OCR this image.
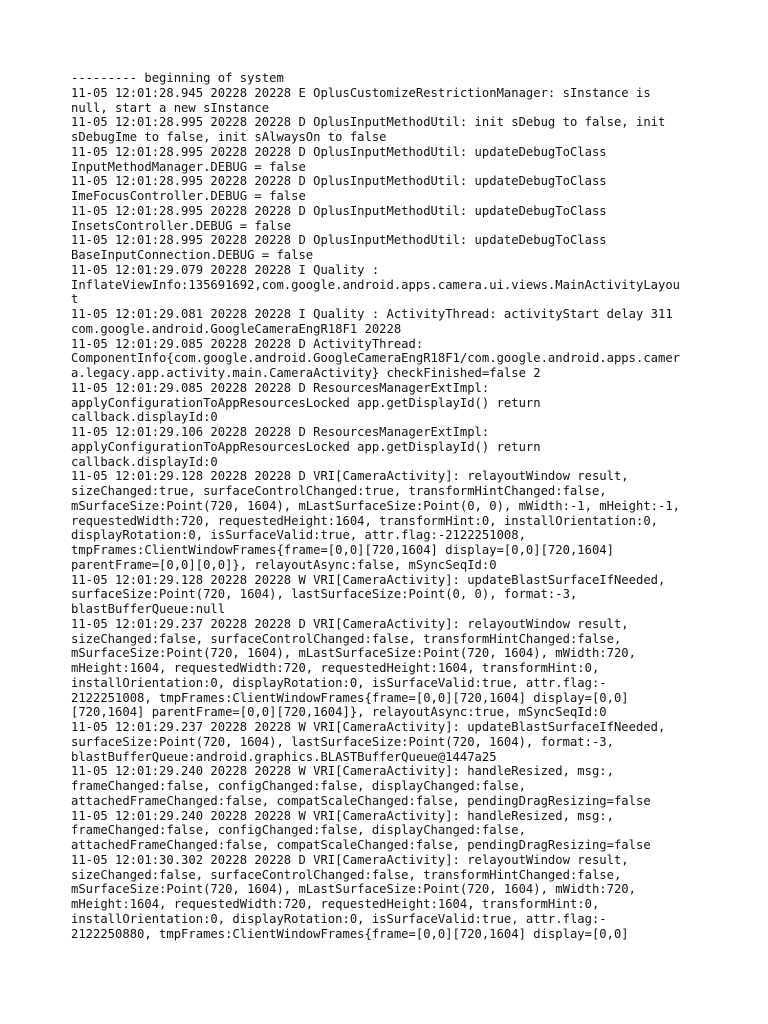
--------- beginning of system
11-05 12:01:28.945 20228 20228 E OplusCustomizeRestrictionManager: sInstance is
null, start a new sInstance
11-05 12:01:28.995 20228 20228 D OplusInputMethodUtil: init sDebug to false, init
sDebugIme to false, init sAlwaysOn to false
11-05 12:01:28.995 20228 20228 D OplusInputMethodUtil: updateDebugToClass
InputMethodManager.DEBUG = false
11-05 12:01:28.995 20228 20228 D OplusInputMethodUtil: updateDebugToClass
ImeFocusController.DEBUG = false
11-05 12:01:28.995 20228 20228 D OplusInputMethodUtil: updateDebugToClass
InsetsController.DEBUG = false
11-05 12:01:28.995 20228 20228 D OplusInputMethodUtil: updateDebugToClass
BaseInputConnection.DEBUG = false
11-05 12:01:29.079 20228 20228 I Quality :
InflateViewInfo:135691692,com.google.android.apps.camera.ui.views.MainActivityLayou
t
11-05 12:01:29.081 20228 20228 I Quality : ActivityThread: activityStart delay 311
com.google.android.GoogleCameraEngR18F1 20228
11-05 12:01:29.085 20228 20228 D ActivityThread:
ComponentInfo{com.google.android.GoogleCameraEngR18F1/com.google.android.apps.camer
a.legacy.app.activity.main.CameraActivity} checkFinished=false 2
11-05 12:01:29.085 20228 20228 D ResourcesManagerExtImpl:
applyConfigurationToAppResourcesLocked app.getDisplayId() return
callback.displayId:0
11-05 12:01:29.106 20228 20228 D ResourcesManagerExtImpl:
applyConfigurationToAppResourcesLocked app.getDisplayId() return
callback.displayId:0
11-05 12:01:29.128 20228 20228 D VRI[CameraActivity]: relayoutWindow result,
sizeChanged:true, surfaceControlChanged:true, transformHintChanged:false,
mSurfaceSize:Point(720, 1604), mLastSurfaceSize:Point(0, 0), mWidth:-1, mHeight:-1,
requestedWidth:720, requestedHeight:1604, transformHint:0, installOrientation:0,
displayRotation:0, isSurfaceValid:true, attr.flag:-2122251008,
tmpFrames:ClientWindowFrames{frame=[0,0][720,1604] display=[0,0][720,1604]
parentFrame=[0,0][0,0]}, relayoutAsync:false, mSyncSeqId:0
11-05 12:01:29.128 20228 20228 W VRI[CameraActivity]: updateBlastSurfaceIfNeeded,
surfaceSize:Point(720, 1604), lastSurfaceSize:Point(0, 0), format:-3,
blastBufferQueue:null
11-05 12:01:29.237 20228 20228 D VRI[CameraActivity]: relayoutWindow result,
sizeChanged:false, surfaceControlChanged:false, transformHintChanged:false,
mSurfaceSize:Point(720, 1604), mLastSurfaceSize:Point(720, 1604), mWidth:720,
mHeight:1604, requestedWidth:720, requestedHeight:1604, transformHint:0,
installOrientation:0, displayRotation:0, isSurfaceValid:true, attr.flag:-
2122251008, tmpFrames:ClientWindowFrames{frame=[0,0][720,1604] display=[0,0]
[720,1604] parentFrame=[0,0][720,1604]}, relayoutAsync:true, mSyncSeqId:0
11-05 12:01:29.237 20228 20228 W VRI[CameraActivity]: updateBlastSurfaceIfNeeded,
surfaceSize:Point(720, 1604), lastSurfaceSize:Point(720, 1604), format:-3,
blastBufferQueue:android.graphics.BLASTBufferQueue@1447a25
11-05 12:01:29.240 20228 20228 W VRI[CameraActivity]: handleResized, msg:,
frameChanged:false, configChanged:false, displayChanged:false,
attachedFrameChanged:false, compatScaleChanged:false, pendingDragResizing=false
11-05 12:01:29.240 20228 20228 W VRI[CameraActivity]: handleResized, msg:,
frameChanged:false, configChanged:false, displayChanged:false,
attachedFrameChanged:false, compatScaleChanged:false, pendingDragResizing=false
11-05 12:01:30.302 20228 20228 D VRI[CameraActivity]: relayoutWindow result,
sizeChanged:false, surfaceControlChanged:false, transformHintChanged:false,
mSurfaceSize:Point(720, 1604), mLastSurfaceSize:Point(720, 1604), mWidth:720,
mHeight:1604, requestedWidth:720, requestedHeight:1604, transformHint:0,
installOrientation:0, displayRotation:0, isSurfaceValid:true, attr.flag:-
2122250880, tmpFrames:ClientWindowFrames{frame=[0,0][720,1604] display=[0,0]
